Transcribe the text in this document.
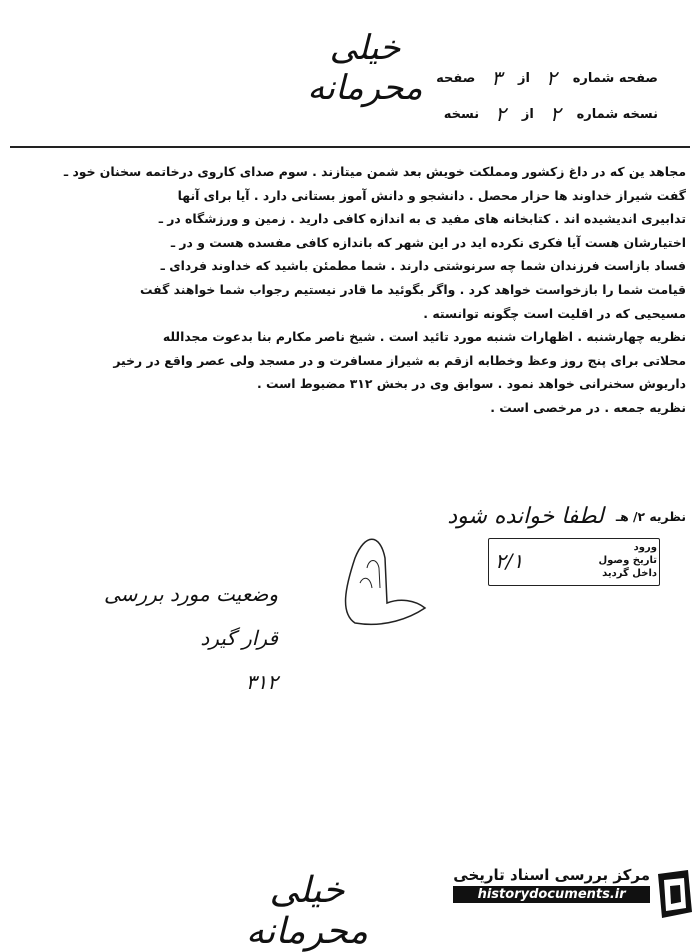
خیلی محرمانه	صفحه شماره
۲
از
۳
صفحه
نسخه شماره
۲
از
۲
نسخه

مجاهد ین که در داغ زکشور ومملکت خویش بعد شمن میتازند . سوم صدای کاروی درخاتمه سخنان خود ـ

گفت شیراز خداوند ها حزار محصل . دانشجو و دانش آموز بستانی دارد . آیا برای آنها

تدابیری اندیشیده اند . کتابخانه های مفید ی به اندازه کافی دارید . زمین و ورزشگاه در ـ

اختیارشان هست آیا فکری نکرده اید در این شهر که باندازه کافی مفسده هست و در ـ

فساد بازاست فرزندان شما چه سرنوشتی دارند . شما مطمئن باشید که خداوند فردای ـ

قیامت شما را بازخواست خواهد کرد . واگر بگوئید ما قادر نیستیم رجواب شما خواهند گفت

مسیحیی که در اقلیت است چگونه توانسته .

نظریه چهارشنبه . اظهارات شنبه مورد تائید است . شیخ ناصر مکارم بنا بدعوت مجدالله

محلاتی برای پنج روز وعظ وخطابه ازقم به شیراز مسافرت و در مسجد ولی عصر واقع در رخیر

داریوش سخنرانی خواهد نمود . سوابق وی در بخش ۳۱۲ مضبوط است .

نظریه جمعه . در مرخصی است .

نظریه ۲/ هـ
لطفا خوانده شود
ورود
تاریخ وصول
داخل گردید
۲/۱
وضعیت مورد بررسی قرار گیرد
۳۱۲
خیلی محرمانه
مرکز بررسی اسناد تاریخی
historydocuments.ir
